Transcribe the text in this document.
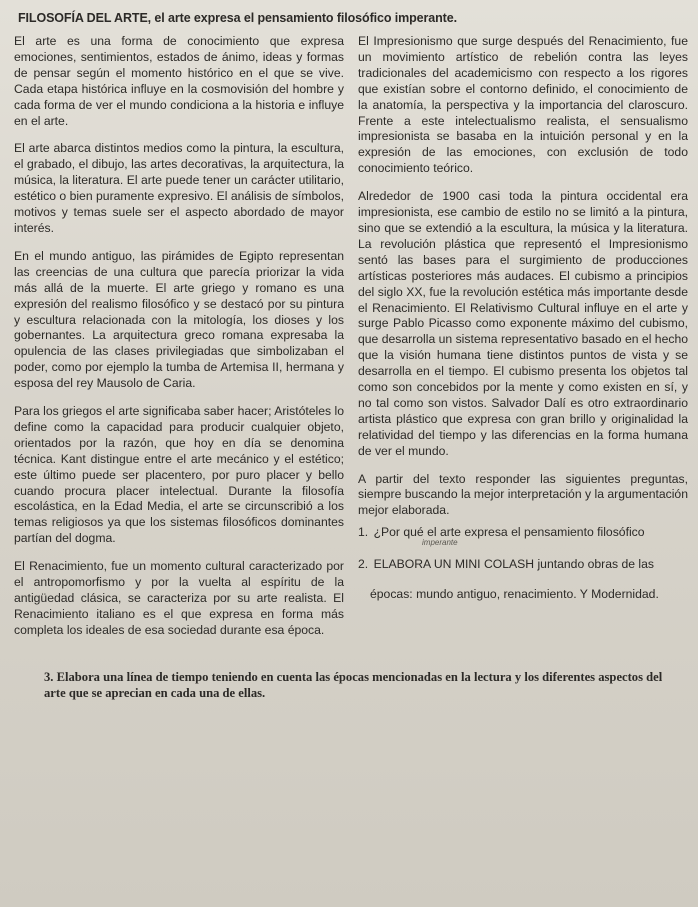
FILOSOFÍA DEL ARTE, el arte expresa el pensamiento filosófico imperante.

El arte es una forma de conocimiento que expresa emociones, sentimientos, estados de ánimo, ideas y formas de pensar según el momento histórico en el que se vive. Cada etapa histórica influye en la cosmovisión del hombre y cada forma de ver el mundo condiciona a la historia e influye en el arte.

El arte abarca distintos medios como la pintura, la escultura, el grabado, el dibujo, las artes decorativas, la arquitectura, la música, la literatura. El arte puede tener un carácter utilitario, estético o bien puramente expresivo. El análisis de símbolos, motivos y temas suele ser el aspecto abordado de mayor interés.

En el mundo antiguo, las pirámides de Egipto representan las creencias de una cultura que parecía priorizar la vida más allá de la muerte. El arte griego y romano es una expresión del realismo filosófico y se destacó por su pintura y escultura relacionada con la mitología, los dioses y los gobernantes. La arquitectura greco romana expresaba la opulencia de las clases privilegiadas que simbolizaban el poder, como por ejemplo la tumba de Artemisa II, hermana y esposa del rey Mausolo de Caria.

Para los griegos el arte significaba saber hacer; Aristóteles lo define como la capacidad para producir cualquier objeto, orientados por la razón, que hoy en día se denomina técnica. Kant distingue entre el arte mecánico y el estético; este último puede ser placentero, por puro placer y bello cuando procura placer intelectual. Durante la filosofía escolástica, en la Edad Media, el arte se circunscribió a los temas religiosos ya que los sistemas filosóficos dominantes partían del dogma.

El Renacimiento, fue un momento cultural caracterizado por el antropomorfismo y por la vuelta al espíritu de la antigüedad clásica, se caracteriza por su arte realista. El Renacimiento italiano es el que expresa en forma más completa los ideales de esa sociedad durante esa época.

El Impresionismo que surge después del Renacimiento, fue un movimiento artístico de rebelión contra las leyes tradicionales del academicismo con respecto a los rigores que existían sobre el contorno definido, el conocimiento de la anatomía, la perspectiva y la importancia del claroscuro. Frente a este intelectualismo realista, el sensualismo impresionista se basaba en la intuición personal y en la expresión de las emociones, con exclusión de todo conocimiento teórico.

Alrededor de 1900 casi toda la pintura occidental era impresionista, ese cambio de estilo no se limitó a la pintura, sino que se extendió a la escultura, la música y la literatura. La revolución plástica que representó el Impresionismo sentó las bases para el surgimiento de producciones artísticas posteriores más audaces. El cubismo a principios del siglo XX, fue la revolución estética más importante desde el Renacimiento. El Relativismo Cultural influye en el arte y surge Pablo Picasso como exponente máximo del cubismo, que desarrolla un sistema representativo basado en el hecho que la visión humana tiene distintos puntos de vista y se desarrolla en el tiempo. El cubismo presenta los objetos tal como son concebidos por la mente y como existen en sí, y no tal como son vistos. Salvador Dalí es otro extraordinario artista plástico que expresa con gran brillo y originalidad la relatividad del tiempo y las diferencias en la forma humana de ver el mundo.

A partir del texto responder las siguientes preguntas, siempre buscando la mejor interpretación y la argumentación mejor elaborada.

1. ¿Por qué el arte expresa el pensamiento filosófico
imperante
2. ELABORA UN MINI COLASH juntando obras de las
épocas: mundo antiguo, renacimiento. Y Modernidad.
3. Elabora una línea de tiempo teniendo en cuenta las épocas mencionadas en la lectura y los diferentes aspectos del arte que se aprecian en cada una de ellas.
